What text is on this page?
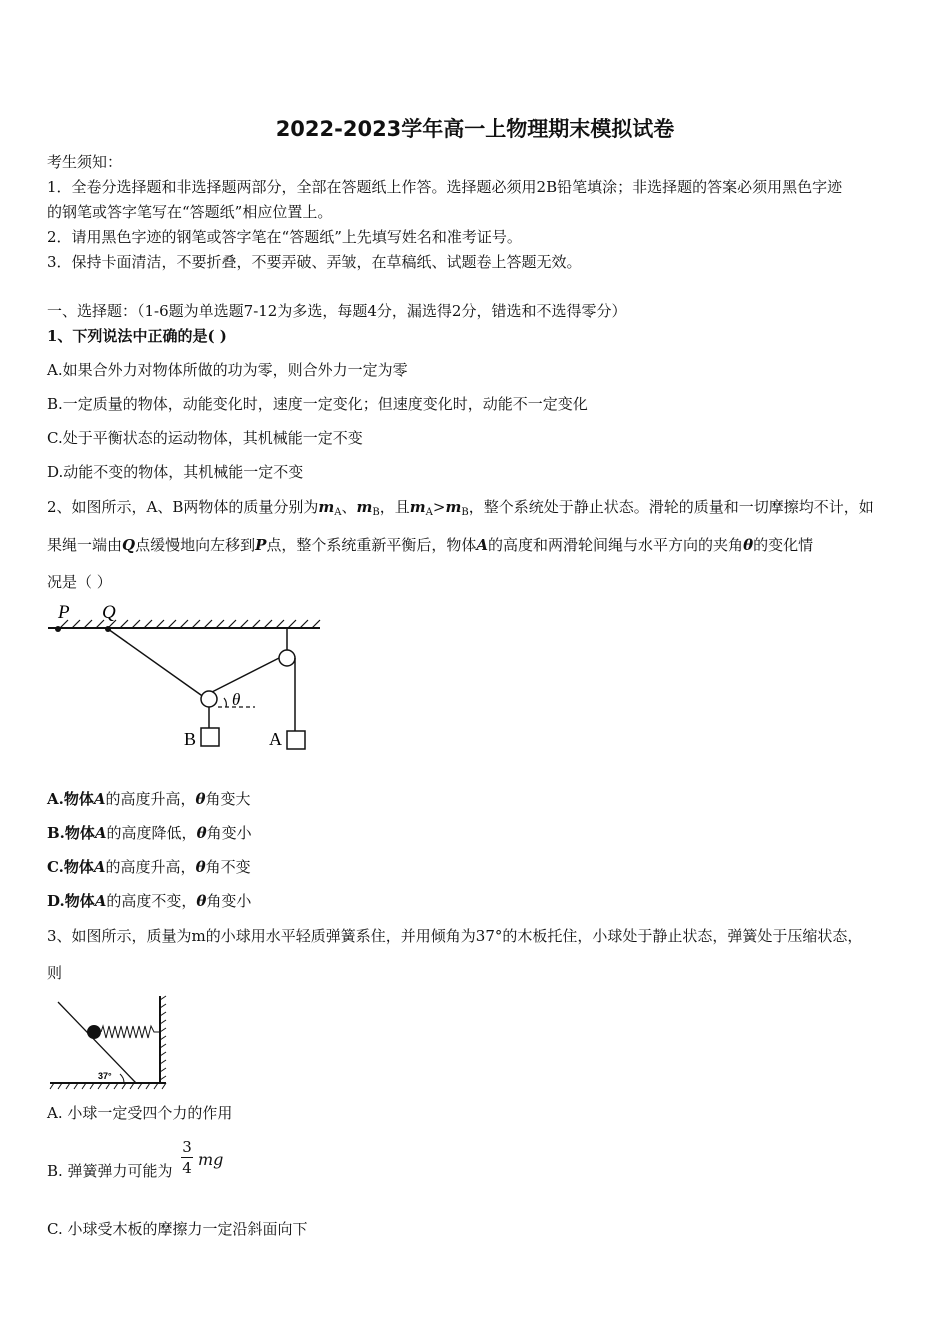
2022-2023学年高一上物理期末模拟试卷
考生须知：
1．全卷分选择题和非选择题两部分，全部在答题纸上作答。选择题必须用2B铅笔填涂；非选择题的答案必须用黑色字迹
的钢笔或答字笔写在“答题纸”相应位置上。
2．请用黑色字迹的钢笔或答字笔在“答题纸”上先填写姓名和准考证号。
3．保持卡面清洁，不要折叠，不要弄破、弄皱，在草稿纸、试题卷上答题无效。
一、选择题：（1-6题为单选题7-12为多选，每题4分，漏选得2分，错选和不选得零分）
1、下列说法中正确的是( )
A.如果合外力对物体所做的功为零，则合外力一定为零
B.一定质量的物体，动能变化时，速度一定变化；但速度变化时，动能不一定变化
C.处于平衡状态的运动物体，其机械能一定不变
D.动能不变的物体，其机械能一定不变
2、如图所示，A、B两物体的质量分别为$m_A$、$m_B$，且$m_A>m_B$，整个系统处于静止状态。滑轮的质量和一切摩擦均不计，如
果绳一端由Q点缓慢地向左移到P点，整个系统重新平衡后，物体A的高度和两滑轮间绳与水平方向的夹角θ的变化情
况是（ ）
P Q
θ
B	A
A.物体A的高度升高，θ角变大
B.物体A的高度降低，θ角变小
C.物体A的高度升高，θ角不变
D.物体A的高度不变，θ角变小
3、如图所示，质量为m的小球用水平轻质弹簧系住，并用倾角为37°的木板托住，小球处于静止状态，弹簧处于压缩状态，
则
37°
A. 小球一定受四个力的作用
B. 弹簧弹力可能为
3
4 mg
C. 小球受木板的摩擦力一定沿斜面向下
